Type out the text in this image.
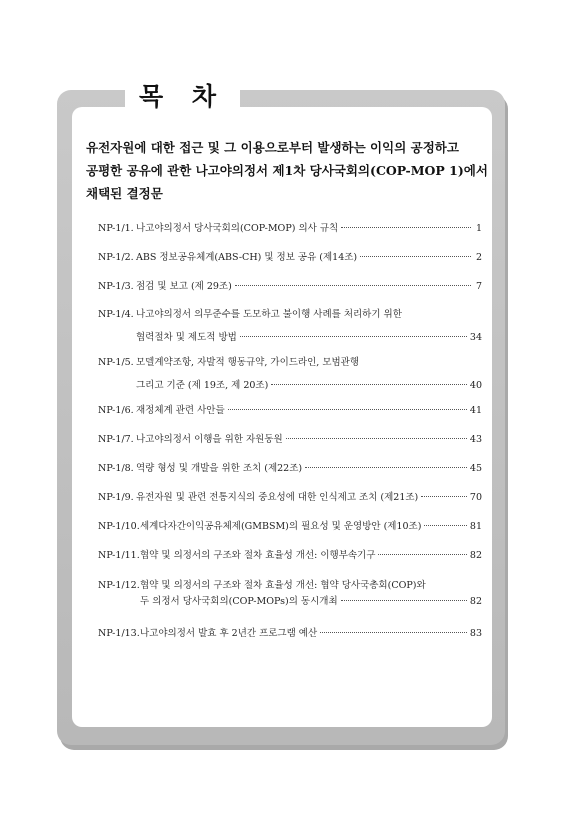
목 차
유전자원에 대한 접근 및 그 이용으로부터 발생하는 이익의 공정하고
공평한 공유에 관한 나고야의정서 제1차 당사국회의(COP-MOP 1)에서
채택된 결정문
NP-1/1. 나고야의정서 당사국회의(COP-MOP) 의사 규칙	1
NP-1/2. ABS 정보공유체계(ABS-CH) 및 정보 공유 (제14조)	2
NP-1/3. 점검 및 보고 (제 29조)	7
NP-1/4. 나고야의정서 의무준수를 도모하고 불이행 사례를 처리하기 위한
협력절차 및 제도적 방법	34
NP-1/5. 모델계약조항, 자발적 행동규약, 가이드라인, 모범관행
그리고 기준 (제 19조, 제 20조)	40
NP-1/6. 재정체계 관련 사안들	41
NP-1/7. 나고야의정서 이행을 위한 자원동원	43
NP-1/8. 역량 형성 및 개발을 위한 조치 (제22조)	45
NP-1/9. 유전자원 및 관련 전통지식의 중요성에 대한 인식제고 조치 (제21조)	70
NP-1/10. 세계다자간이익공유체제(GMBSM)의 필요성 및 운영방안 (제10조)	81
NP-1/11. 협약 및 의정서의 구조와 절차 효율성 개선: 이행부속기구	82
NP-1/12. 협약 및 의정서의 구조와 절차 효율성 개선: 협약 당사국총회(COP)와
두 의정서 당사국회의(COP-MOPs)의 동시개최	82
NP-1/13. 나고야의정서 발효 후 2년간 프로그램 예산	83
